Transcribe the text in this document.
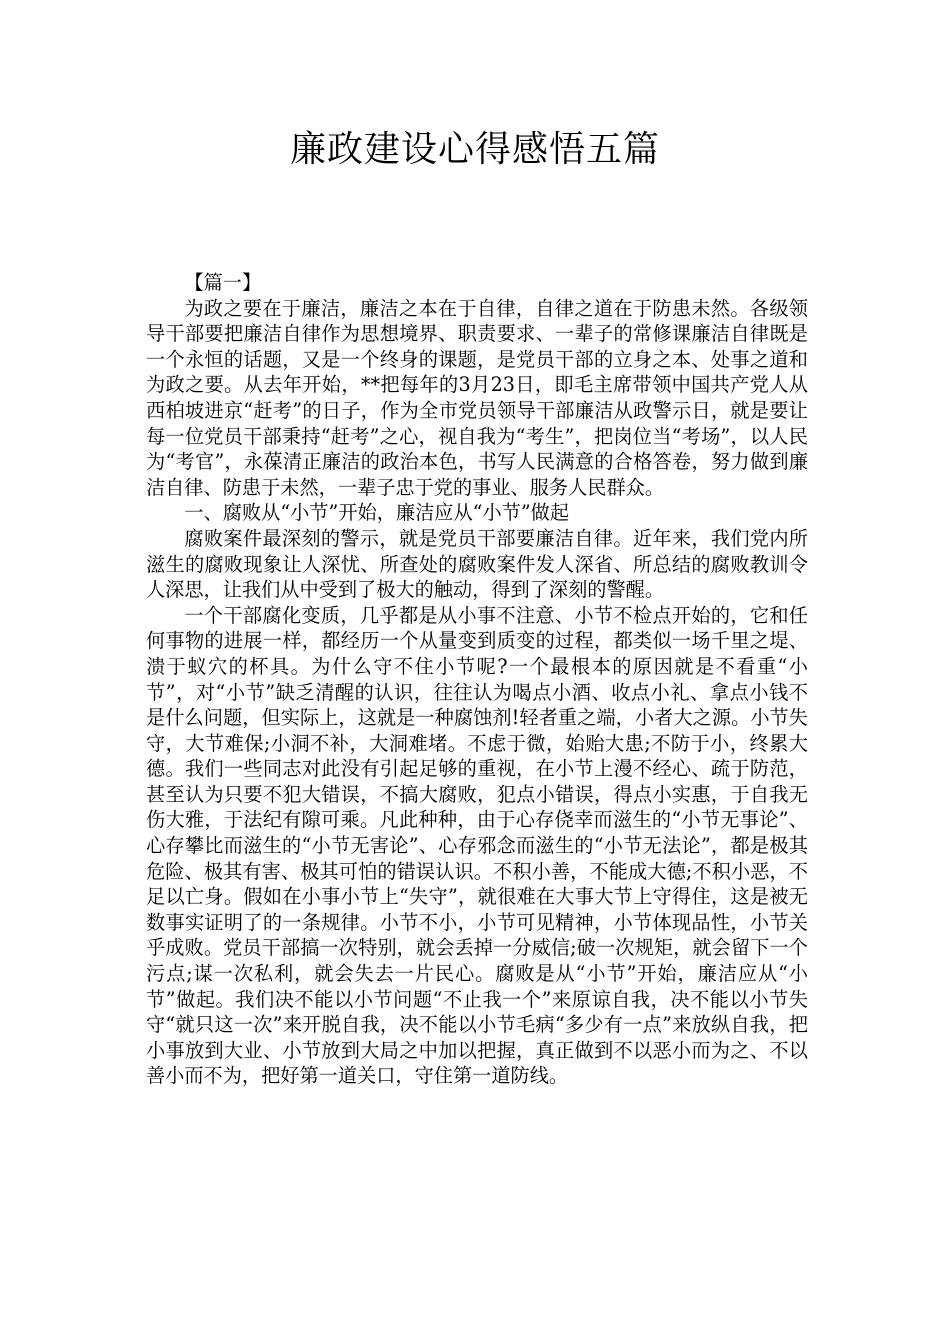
廉政建设心得感悟五篇

【篇一】

为政之要在于廉洁，廉洁之本在于自律，自律之道在于防患未然。各级领导干部要把廉洁自律作为思想境界、职责要求、一辈子的常修课廉洁自律既是一个永恒的话题，又是一个终身的课题，是党员干部的立身之本、处事之道和为政之要。从去年开始，**把每年的3月23日，即毛主席带领中国共产党人从西柏坡进京“赶考”的日子，作为全市党员领导干部廉洁从政警示日，就是要让每一位党员干部秉持“赶考”之心，视自我为“考生”，把岗位当“考场”，以人民为“考官”，永葆清正廉洁的政治本色，书写人民满意的合格答卷，努力做到廉洁自律、防患于未然，一辈子忠于党的事业、服务人民群众。

一、腐败从“小节”开始，廉洁应从“小节”做起

腐败案件最深刻的警示，就是党员干部要廉洁自律。近年来，我们党内所滋生的腐败现象让人深忧、所查处的腐败案件发人深省、所总结的腐败教训令人深思，让我们从中受到了极大的触动，得到了深刻的警醒。

一个干部腐化变质，几乎都是从小事不注意、小节不检点开始的，它和任何事物的进展一样，都经历一个从量变到质变的过程，都类似一场千里之堤、溃于蚁穴的杯具。为什么守不住小节呢?一个最根本的原因就是不看重“小节”，对“小节”缺乏清醒的认识，往往认为喝点小酒、收点小礼、拿点小钱不是什么问题，但实际上，这就是一种腐蚀剂!轻者重之端，小者大之源。小节失守，大节难保;小洞不补，大洞难堵。不虑于微，始贻大患;不防于小，终累大德。我们一些同志对此没有引起足够的重视，在小节上漫不经心、疏于防范，甚至认为只要不犯大错误，不搞大腐败，犯点小错误，得点小实惠，于自我无伤大雅，于法纪有隙可乘。凡此种种，由于心存侥幸而滋生的“小节无事论”、心存攀比而滋生的“小节无害论”、心存邪念而滋生的“小节无法论”，都是极其危险、极其有害、极其可怕的错误认识。不积小善，不能成大德;不积小恶，不足以亡身。假如在小事小节上“失守”，就很难在大事大节上守得住，这是被无数事实证明了的一条规律。小节不小，小节可见精神，小节体现品性，小节关乎成败。党员干部搞一次特别，就会丢掉一分威信;破一次规矩，就会留下一个污点;谋一次私利，就会失去一片民心。腐败是从“小节”开始，廉洁应从“小节”做起。我们决不能以小节问题“不止我一个”来原谅自我，决不能以小节失守“就只这一次”来开脱自我，决不能以小节毛病“多少有一点”来放纵自我，把小事放到大业、小节放到大局之中加以把握，真正做到不以恶小而为之、不以善小而不为，把好第一道关口，守住第一道防线。
